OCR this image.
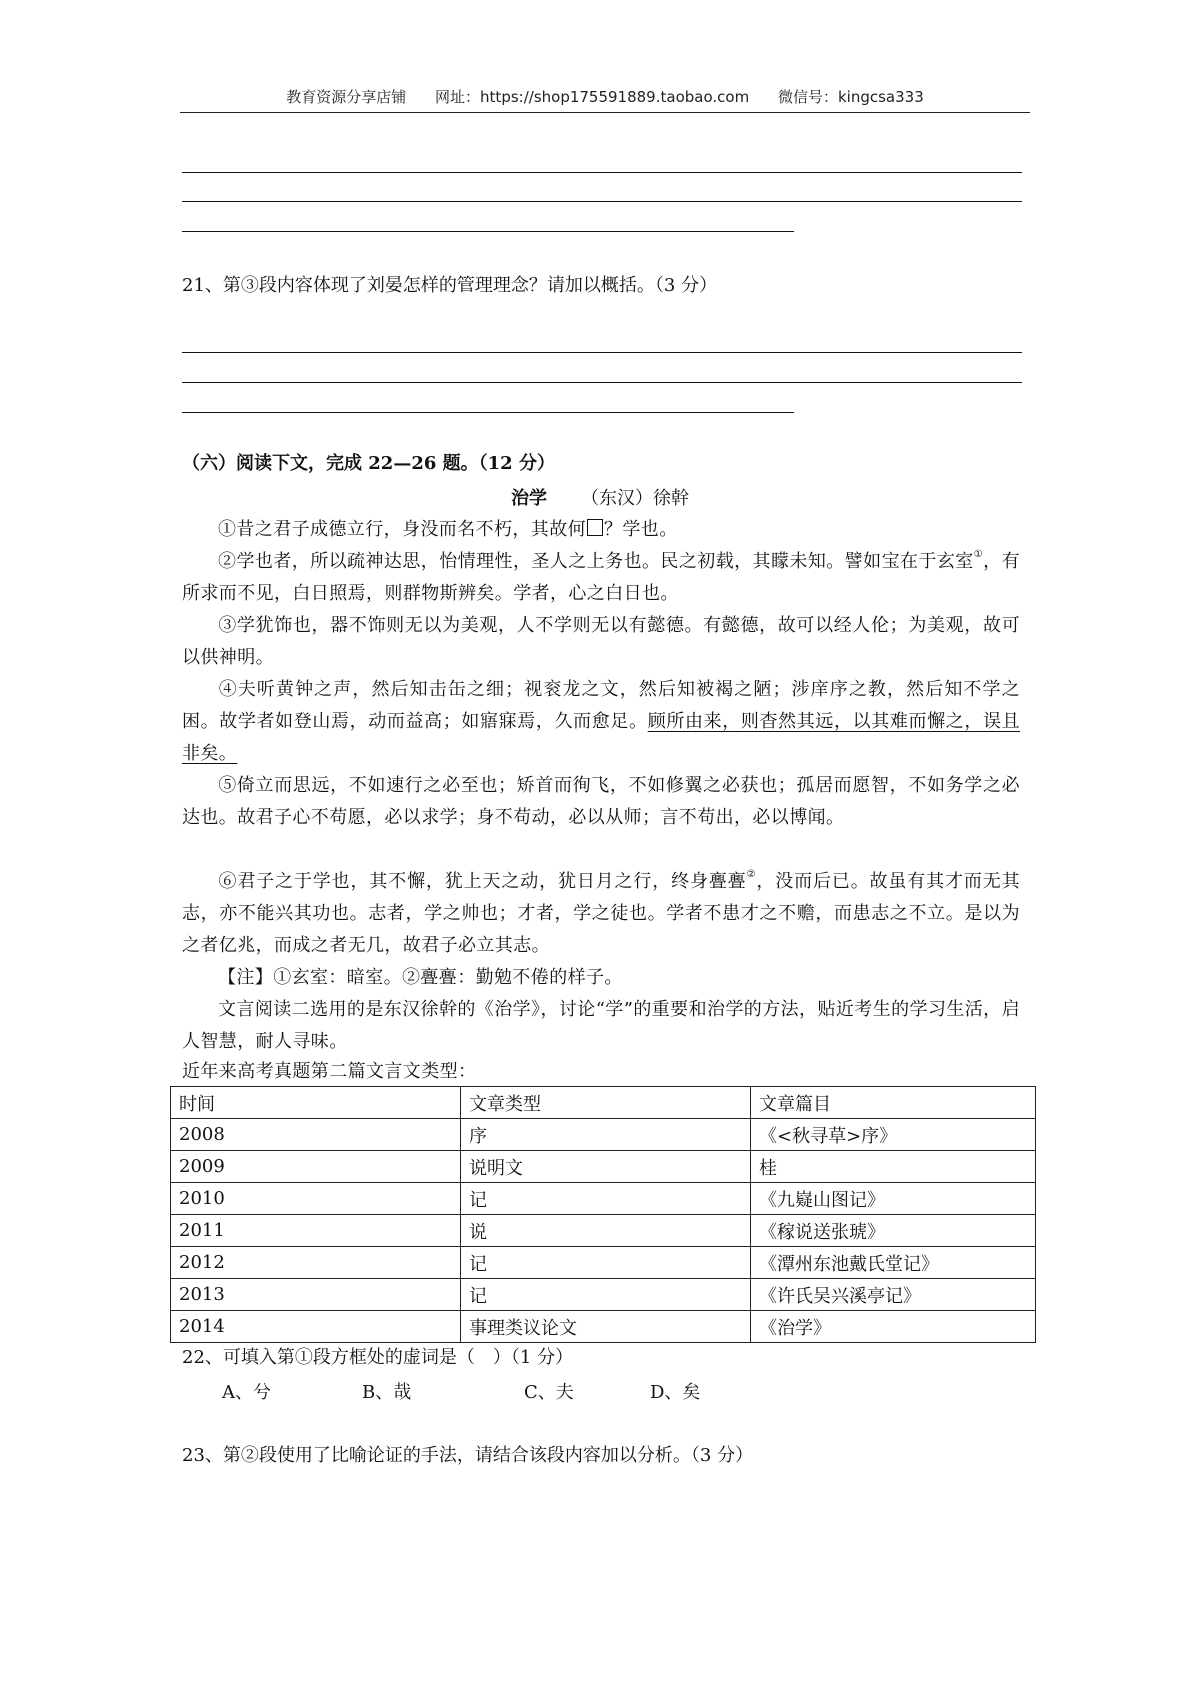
教育资源分享店铺 网址：https://shop175591889.taobao.com 微信号：kingcsa333
21、第③段内容体现了刘晏怎样的管理理念？请加以概括。（3 分）
（六）阅读下文，完成 22—26 题。（12 分）
治学 （东汉）徐幹
①昔之君子成德立行，身没而名不朽，其故何 ？学也。
②学也者，所以疏神达思，怡情理性，圣人之上务也。民之初载，其矇未知。譬如宝在于玄室①，有所求而不见，白日照焉，则群物斯辨矣。学者，心之白日也。
③学犹饰也，器不饰则无以为美观，人不学则无以有懿德。有懿德，故可以经人伦；为美观，故可以供神明。
④夫听黄钟之声，然后知击缶之细；视衮龙之文，然后知被褐之陋；涉庠序之教，然后知不学之困。故学者如登山焉，动而益高；如寤寐焉，久而愈足。顾所由来，则杳然其远，以其难而懈之，误且非矣。
⑤倚立而思远，不如速行之必至也；矫首而徇飞，不如修翼之必获也；孤居而愿智，不如务学之必达也。故君子心不苟愿，必以求学；身不苟动，必以从师；言不苟出，必以博闻。
⑥君子之于学也，其不懈，犹上天之动，犹日月之行，终身亹亹②，没而后已。故虽有其才而无其志，亦不能兴其功也。志者，学之帅也；才者，学之徒也。学者不患才之不赡，而患志之不立。是以为之者亿兆，而成之者无几，故君子必立其志。
【注】①玄室：暗室。②亹亹：勤勉不倦的样子。
文言阅读二选用的是东汉徐幹的《治学》，讨论“学”的重要和治学的方法，贴近考生的学习生活，启人智慧，耐人寻味。
近年来高考真题第二篇文言文类型：
时间	文章类型	文章篇目
2008	序	《<秋寻草>序》
2009	说明文	桂
2010	记	《九嶷山图记》
2011	说	《稼说送张琥》
2012	记	《潭州东池戴氏堂记》
2013	记	《许氏吴兴溪亭记》
2014	事理类议论文	《治学》
22、可填入第①段方框处的虚词是（　）（1 分）
A、兮	B、哉	C、夫	D、矣
23、第②段使用了比喻论证的手法，请结合该段内容加以分析。（3 分）
